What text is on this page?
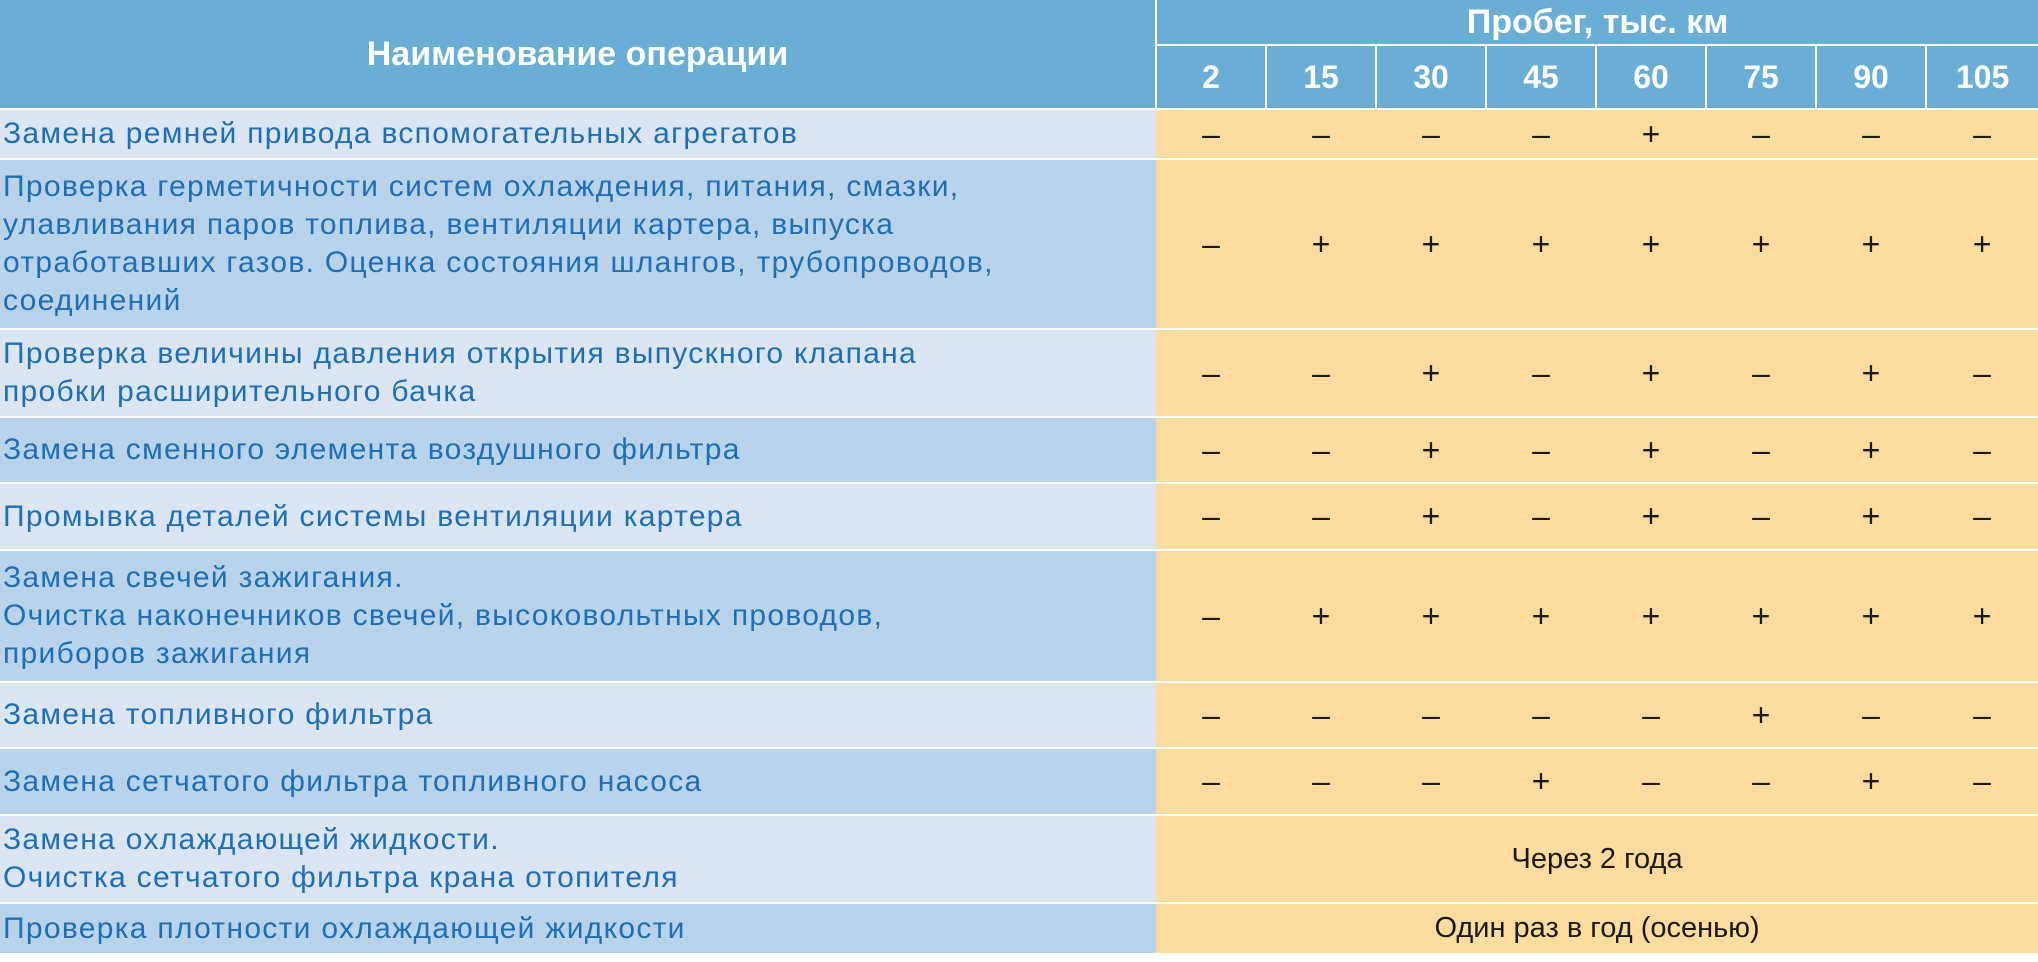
Наименование операции	Пробег, тыс. км							
	2	15	30	45	60	75	90	105

Замена ремней привода вспомогательных агрегатов	–	–	–	–	+	–	–	–

Проверка герметичности систем охлаждения, питания, смазки,
улавливания паров топлива, вентиляции картера, выпуска
отработавших газов. Оценка состояния шлангов, трубопроводов,
соединений	–	+	+	+	+	+	+	+

Проверка величины давления открытия выпускного клапана
пробки расширительного бачка	–	–	+	–	+	–	+	–

Замена сменного элемента воздушного фильтра	–	–	+	–	+	–	+	–

Промывка деталей системы вентиляции картера	–	–	+	–	+	–	+	–

Замена свечей зажигания.
Очистка наконечников свечей, высоковольтных проводов,
приборов зажигания	–	+	+	+	+	+	+	+

Замена топливного фильтра	–	–	–	–	–	+	–	–

Замена сетчатого фильтра топливного насоса	–	–	–	+	–	–	+	–

Замена охлаждающей жидкости.
Очистка сетчатого фильтра крана отопителя	Через 2 года							

Проверка плотности охлаждающей жидкости	Один раз в год (осенью)							
